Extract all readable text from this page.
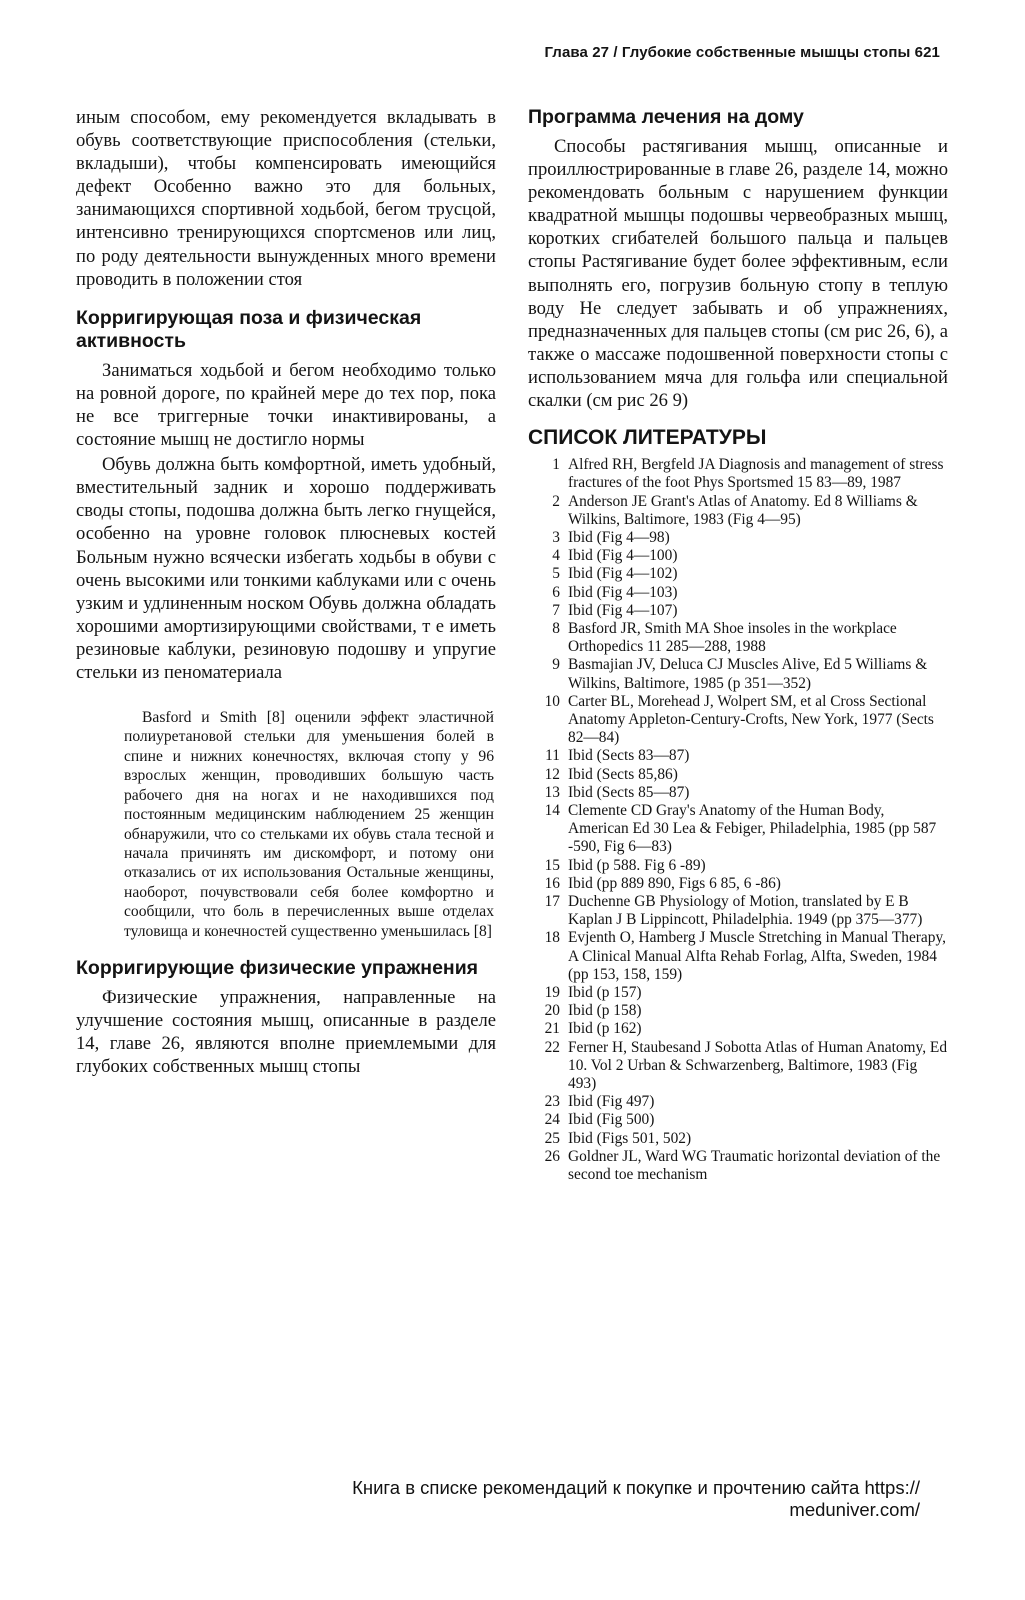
Глава 27 / Глубокие собственные мышцы стопы 621

иным способом, ему рекомендуется вкладывать в обувь соответствующие приспособления (стельки, вкладыши), чтобы компенсировать имеющийся дефект Особенно важно это для больных, занимающихся спортивной ходьбой, бегом трусцой, интенсивно тренирующихся спортсменов или лиц, по роду деятельности вынужденных много времени проводить в положении стоя

Корригирующая поза и физическая активность

Заниматься ходьбой и бегом необходимо только на ровной дороге, по крайней мере до тех пор, пока не все триггерные точки инактивированы, а состояние мышц не достигло нормы

Обувь должна быть комфортной, иметь удобный, вместительный задник и хорошо поддерживать своды стопы, подошва должна быть легко гнущейся, особенно на уровне головок плюсневых костей Больным нужно всячески избегать ходьбы в обуви с очень высокими или тонкими каблуками или с очень узким и удлиненным носком Обувь должна обладать хорошими амортизирующими свойствами, т е иметь резиновые каблуки, резиновую подошву и упругие стельки из пеноматериала

Basford и Smith [8] оценили эффект эластичной полиуретановой стельки для уменьшения болей в спине и нижних конечностях, включая стопу у 96 взрослых женщин, проводивших большую часть рабочего дня на ногах и не находившихся под постоянным медицинским наблюдением 25 женщин обнаружили, что со стельками их обувь стала тесной и начала причинять им дискомфорт, и потому они отказались от их использования Остальные женщины, наоборот, почувствовали себя более комфортно и сообщили, что боль в перечисленных выше отделах туловища и конечностей существенно уменьшилась [8]

Корригирующие физические упражнения

Физические упражнения, направленные на улучшение состояния мышц, описанные в разделе 14, главе 26, являются вполне приемлемыми для глубоких собственных мышц стопы

Программа лечения на дому

Способы растягивания мышц, описанные и проиллюстрированные в главе 26, разделе 14, можно рекомендовать больным с нарушением функции квадратной мышцы подошвы червеобразных мышц, коротких сгибателей большого пальца и пальцев стопы Растягивание будет более эффективным, если выполнять его, погрузив больную стопу в теплую воду Не следует забывать и об упражнениях, предназначенных для пальцев стопы (см рис 26, 6), а также о массаже подошвенной поверхности стопы с использованием мяча для гольфа или специальной скалки (см рис 26 9)

СПИСОК ЛИТЕРАТУРЫ
1 Alfred RH, Bergfeld JA Diagnosis and management of stress fractures of the foot Phys Sportsmed 15 83—89, 1987
2 Anderson JE Grant's Atlas of Anatomy. Ed 8 Williams & Wilkins, Baltimore, 1983 (Fig 4—95)
3 Ibid (Fig 4—98)
4 Ibid (Fig 4—100)
5 Ibid (Fig 4—102)
6 Ibid (Fig 4—103)
7 Ibid (Fig 4—107)
8 Basford JR, Smith MA Shoe insoles in the workplace Orthopedics 11 285—288, 1988
9 Basmajian JV, Deluca CJ Muscles Alive, Ed 5 Williams & Wilkins, Baltimore, 1985 (p 351—352)
10 Carter BL, Morehead J, Wolpert SM, et al Cross Sectional Anatomy Appleton-Century-Crofts, New York, 1977 (Sects 82—84)
11 Ibid (Sects 83—87)
12 Ibid (Sects 85,86)
13 Ibid (Sects 85—87)
14 Clemente CD Gray's Anatomy of the Human Body, American Ed 30 Lea & Febiger, Philadelphia, 1985 (pp 587 -590, Fig 6—83)
15 Ibid (p 588. Fig 6 -89)
16 Ibid (pp 889 890, Figs 6 85, 6 -86)
17 Duchenne GB Physiology of Motion, translated by E B Kaplan J B Lippincott, Philadelphia. 1949 (pp 375—377)
18 Evjenth O, Hamberg J Muscle Stretching in Manual Therapy, A Clinical Manual Alfta Rehab Forlag, Alfta, Sweden, 1984 (pp 153, 158, 159)
19 Ibid (p 157)
20 Ibid (p 158)
21 Ibid (p 162)
22 Ferner H, Staubesand J Sobotta Atlas of Human Anatomy, Ed 10. Vol 2 Urban & Schwarzenberg, Baltimore, 1983 (Fig 493)
23 Ibid (Fig 497)
24 Ibid (Fig 500)
25 Ibid (Figs 501, 502)
26 Goldner JL, Ward WG Traumatic horizontal deviation of the second toe mechanism
Книга в списке рекомендаций к покупке и прочтению сайта https://
meduniver.com/
